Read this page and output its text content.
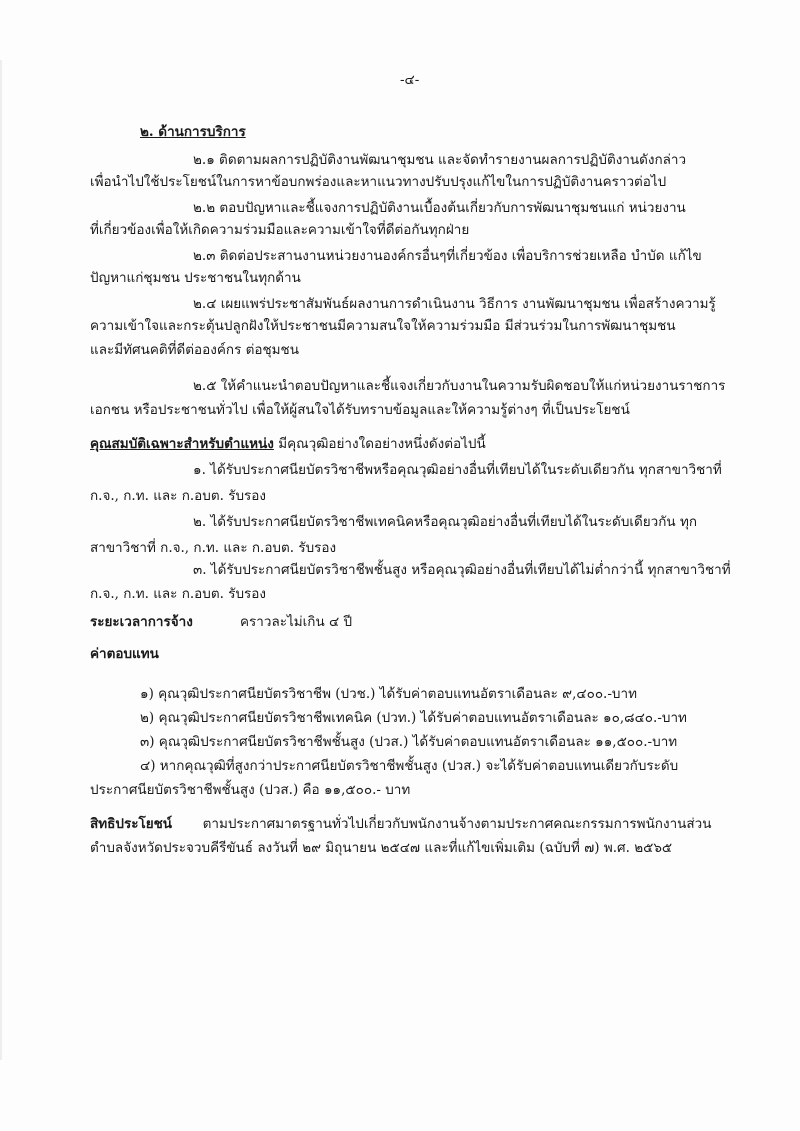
-๔-
๒. ด้านการบริการ
๒.๑ ติดตามผลการปฏิบัติงานพัฒนาชุมชน และจัดทำรายงานผลการปฏิบัติงานดังกล่าว
เพื่อนำไปใช้ประโยชน์ในการหาข้อบกพร่องและหาแนวทางปรับปรุงแก้ไขในการปฏิบัติงานคราวต่อไป
๒.๒ ตอบปัญหาและชี้แจงการปฏิบัติงานเบื้องต้นเกี่ยวกับการพัฒนาชุมชนแก่ หน่วยงาน
ที่เกี่ยวข้องเพื่อให้เกิดความร่วมมือและความเข้าใจที่ดีต่อกันทุกฝ่าย
๒.๓ ติดต่อประสานงานหน่วยงานองค์กรอื่นๆที่เกี่ยวข้อง เพื่อบริการช่วยเหลือ บำบัด แก้ไข
ปัญหาแก่ชุมชน ประชาชนในทุกด้าน
๒.๔ เผยแพร่ประชาสัมพันธ์ผลงานการดำเนินงาน วิธีการ งานพัฒนาชุมชน เพื่อสร้างความรู้
ความเข้าใจและกระตุ้นปลูกฝังให้ประชาชนมีความสนใจให้ความร่วมมือ มีส่วนร่วมในการพัฒนาชุมชน
และมีทัศนคติที่ดีต่อองค์กร ต่อชุมชน
๒.๕ ให้คำแนะนำตอบปัญหาและชี้แจงเกี่ยวกับงานในความรับผิดชอบให้แก่หน่วยงานราชการ
เอกชน หรือประชาชนทั่วไป เพื่อให้ผู้สนใจได้รับทราบข้อมูลและให้ความรู้ต่างๆ ที่เป็นประโยชน์
คุณสมบัติเฉพาะสำหรับตำแหน่ง มีคุณวุฒิอย่างใดอย่างหนึ่งดังต่อไปนี้
๑. ได้รับประกาศนียบัตรวิชาชีพหรือคุณวุฒิอย่างอื่นที่เทียบได้ในระดับเดียวกัน ทุกสาขาวิชาที่
ก.จ., ก.ท. และ ก.อบต. รับรอง
๒. ได้รับประกาศนียบัตรวิชาชีพเทคนิคหรือคุณวุฒิอย่างอื่นที่เทียบได้ในระดับเดียวกัน ทุก
สาขาวิชาที่ ก.จ., ก.ท. และ ก.อบต. รับรอง
๓. ได้รับประกาศนียบัตรวิชาชีพชั้นสูง หรือคุณวุฒิอย่างอื่นที่เทียบได้ไม่ต่ำกว่านี้ ทุกสาขาวิชาที่
ก.จ., ก.ท. และ ก.อบต. รับรอง
ระยะเวลาการจ้าง	คราวละไม่เกิน ๔ ปี
ค่าตอบแทน
๑) คุณวุฒิประกาศนียบัตรวิชาชีพ (ปวช.) ได้รับค่าตอบแทนอัตราเดือนละ ๙,๔๐๐.-บาท
๒) คุณวุฒิประกาศนียบัตรวิชาชีพเทคนิค (ปวท.) ได้รับค่าตอบแทนอัตราเดือนละ ๑๐,๘๔๐.-บาท
๓) คุณวุฒิประกาศนียบัตรวิชาชีพชั้นสูง (ปวส.) ได้รับค่าตอบแทนอัตราเดือนละ ๑๑,๕๐๐.-บาท
๔) หากคุณวุฒิที่สูงกว่าประกาศนียบัตรวิชาชีพชั้นสูง (ปวส.) จะได้รับค่าตอบแทนเดียวกับระดับ
ประกาศนียบัตรวิชาชีพชั้นสูง (ปวส.) คือ ๑๑,๕๐๐.- บาท
สิทธิประโยชน์ ตามประกาศมาตรฐานทั่วไปเกี่ยวกับพนักงานจ้างตามประกาศคณะกรรมการพนักงานส่วน
ตำบลจังหวัดประจวบคีรีขันธ์ ลงวันที่ ๒๙ มิถุนายน ๒๕๔๗ และที่แก้ไขเพิ่มเติม (ฉบับที่ ๗) พ.ศ. ๒๕๖๕
